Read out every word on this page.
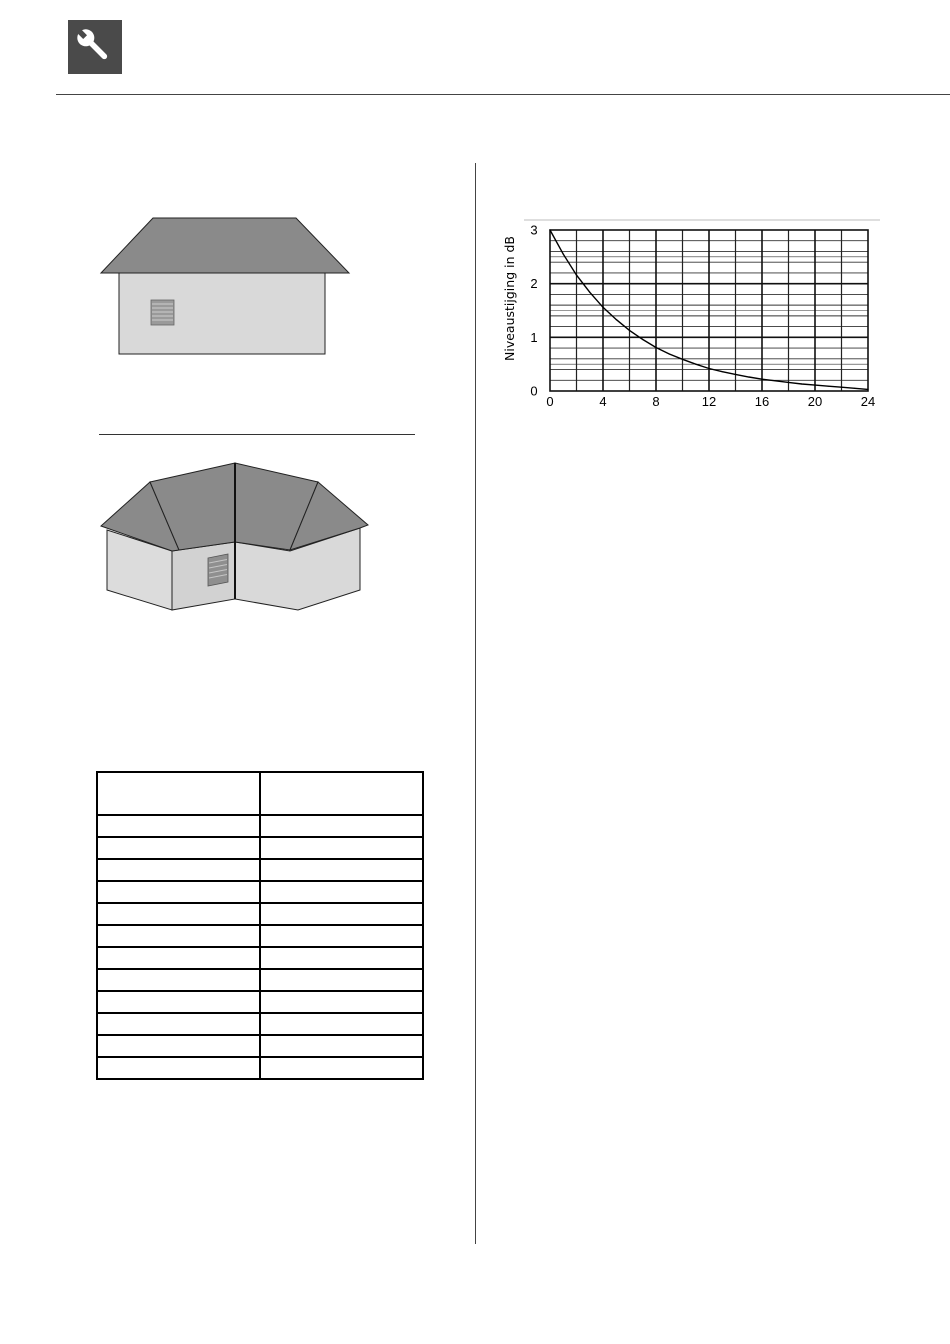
0	4	8	12	16	20	24
0
1
2
3
Niveaustijging in dB
